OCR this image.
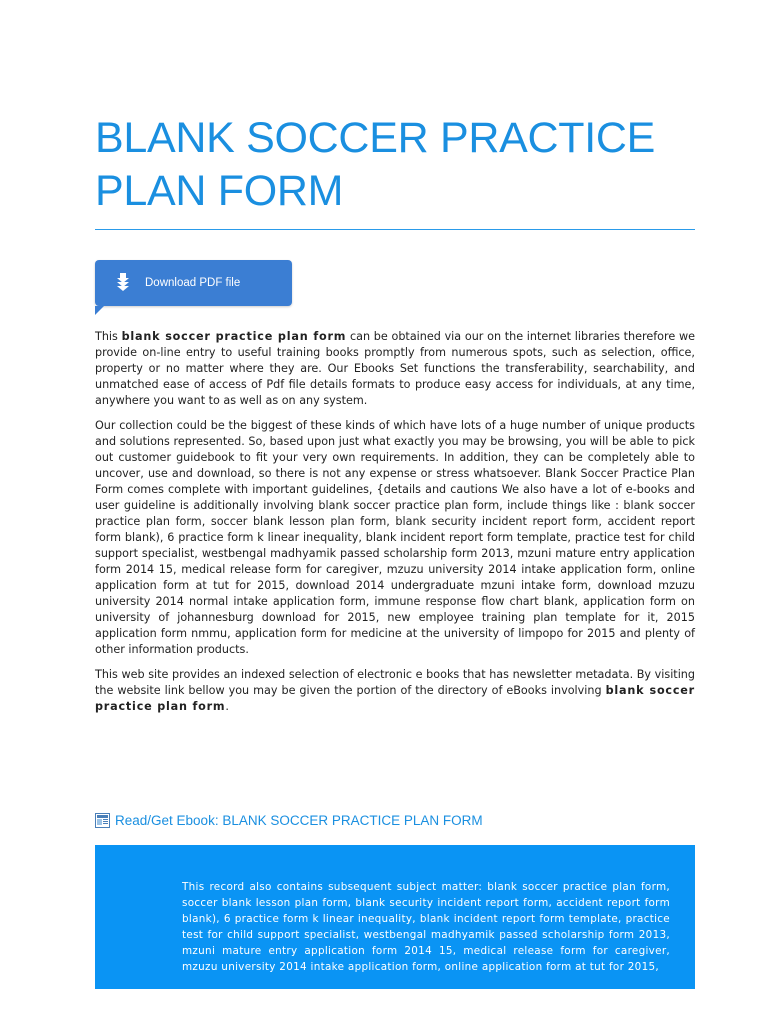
BLANK SOCCER PRACTICE PLAN FORM
Download PDF file

This blank soccer practice plan form can be obtained via our on the internet libraries therefore we provide on-line entry to useful training books promptly from numerous spots, such as selection, office, property or no matter where they are. Our Ebooks Set functions the transferability, searchability, and unmatched ease of access of Pdf file details formats to produce easy access for individuals, at any time, anywhere you want to as well as on any system.

Our collection could be the biggest of these kinds of which have lots of a huge number of unique products and solutions represented. So, based upon just what exactly you may be browsing, you will be able to pick out customer guidebook to fit your very own requirements. In addition, they can be completely able to uncover, use and download, so there is not any expense or stress whatsoever. Blank Soccer Practice Plan Form comes complete with important guidelines, {details and cautions We also have a lot of e-books and user guideline is additionally involving blank soccer practice plan form, include things like : blank soccer practice plan form, soccer blank lesson plan form, blank security incident report form, accident report form blank), 6 practice form k linear inequality, blank incident report form template, practice test for child support specialist, westbengal madhyamik passed scholarship form 2013, mzuni mature entry application form 2014 15, medical release form for caregiver, mzuzu university 2014 intake application form, online application form at tut for 2015, download 2014 undergraduate mzuni intake form, download mzuzu university 2014 normal intake application form, immune response flow chart blank, application form on university of johannesburg download for 2015, new employee training plan template for it, 2015 application form nmmu, application form for medicine at the university of limpopo for 2015 and plenty of other information products.

This web site provides an indexed selection of electronic e books that has newsletter metadata. By visiting the website link bellow you may be given the portion of the directory of eBooks involving blank soccer practice plan form.

Read/Get Ebook: BLANK SOCCER PRACTICE PLAN FORM
This record also contains subsequent subject matter: blank soccer practice plan form, soccer blank lesson plan form, blank security incident report form, accident report form blank), 6 practice form k linear inequality, blank incident report form template, practice test for child support specialist, westbengal madhyamik passed scholarship form 2013, mzuni mature entry application form 2014 15, medical release form for caregiver, mzuzu university 2014 intake application form, online application form at tut for 2015,
